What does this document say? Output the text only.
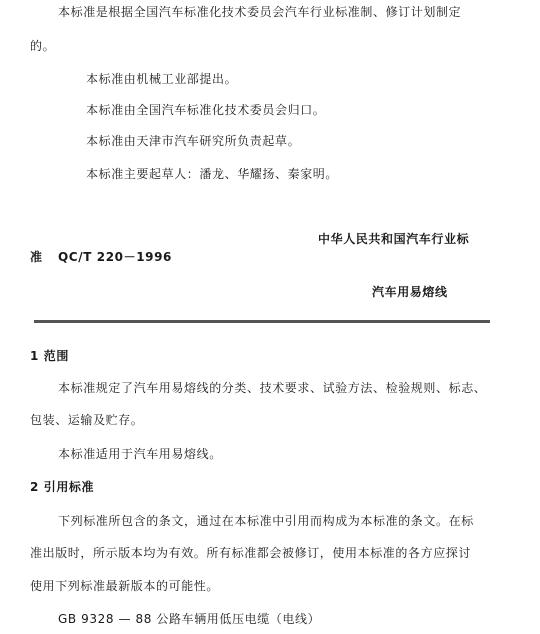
本标准是根据全国汽车标准化技术委员会汽车行业标准制、修订计划制定
的。
本标准由机械工业部提出。
本标准由全国汽车标准化技术委员会归口。
本标准由天津市汽车研究所负责起草。
本标准主要起草人：潘龙、华耀扬、秦家明。
中华人民共和国汽车行业标
准 QC/T 220－1996
汽车用易熔线
1 范围
本标准规定了汽车用易熔线的分类、技术要求、试验方法、检验规则、标志、
包装、运输及贮存。
本标准适用于汽车用易熔线。
2 引用标准
下列标准所包含的条文，通过在本标准中引用而构成为本标准的条文。在标
准出版时，所示版本均为有效。所有标准都会被修订，使用本标准的各方应探讨
使用下列标准最新版本的可能性。
GB 9328 — 88 公路车辆用低压电缆（电线）
